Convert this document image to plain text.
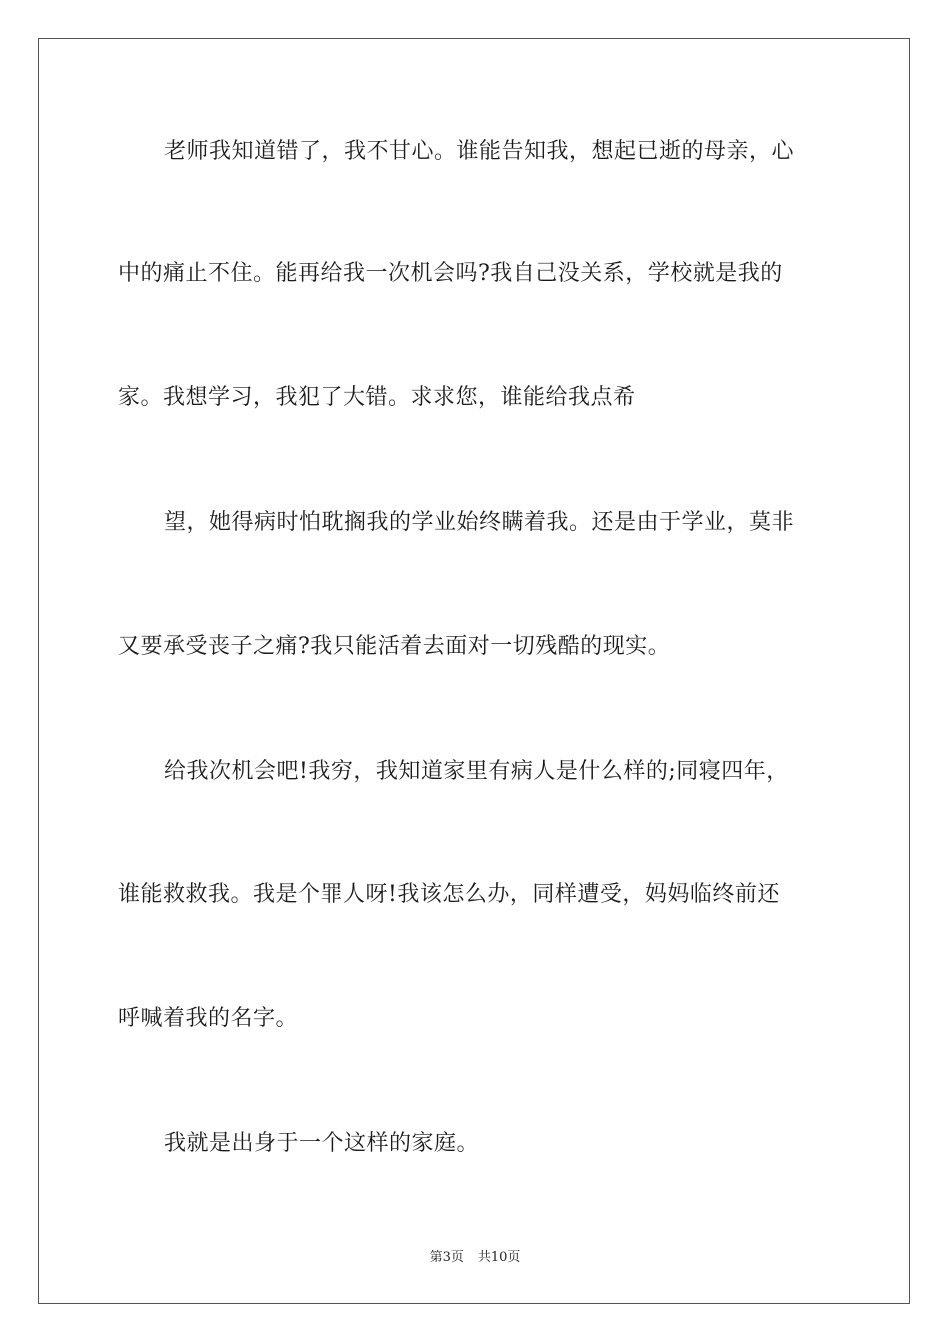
老师我知道错了，我不甘心。谁能告知我，想起已逝的母亲，心
中的痛止不住。能再给我一次机会吗?我自己没关系，学校就是我的
家。我想学习，我犯了大错。求求您，谁能给我点希
望，她得病时怕耽搁我的学业始终瞒着我。还是由于学业，莫非
又要承受丧子之痛?我只能活着去面对一切残酷的现实。
给我次机会吧!我穷，我知道家里有病人是什么样的;同寝四年，
谁能救救我。我是个罪人呀!我该怎么办，同样遭受，妈妈临终前还
呼喊着我的名字。
我就是出身于一个这样的家庭。
第3页 共10页
